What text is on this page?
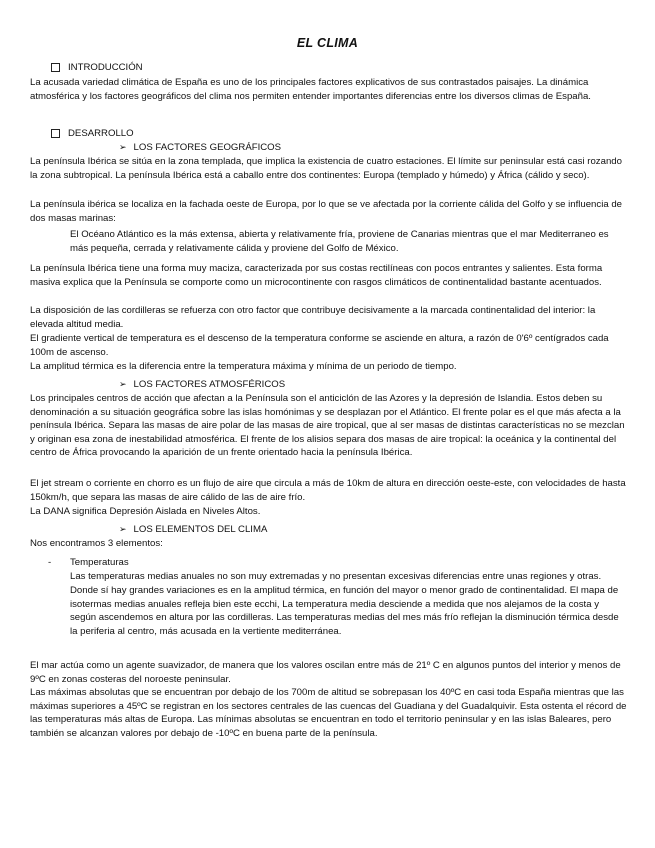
EL CLIMA
INTRODUCCIÓN

La acusada variedad climática de España es uno de los principales factores explicativos de sus contrastados paisajes. La dinámica atmosférica y los factores geográficos del clima nos permiten entender importantes diferencias entre los diversos climas de España.

DESARROLLO
➢ LOS FACTORES GEOGRÁFICOS

La península Ibérica se sitúa en la zona templada, que implica la existencia de cuatro estaciones. El límite sur peninsular está casi rozando la zona subtropical. La península Ibérica está a caballo entre dos continentes: Europa (templado y húmedo) y África (cálido y seco).

La península ibérica se localiza en la fachada oeste de Europa, por lo que se ve afectada por la corriente cálida del Golfo y se influencia de dos masas marinas:

El Océano Atlántico es la más extensa, abierta y relativamente fría, proviene de Canarias mientras que el mar Mediterraneo es más pequeña, cerrada y relativamente cálida y proviene del Golfo de México.

La península Ibérica tiene una forma muy maciza, caracterizada por sus costas rectilíneas con pocos entrantes y salientes. Esta forma masiva explica que la Península se comporte como un microcontinente con rasgos climáticos de continentalidad bastante acentuados.

La disposición de las cordilleras se refuerza con otro factor que contribuye decisivamente a la marcada continentalidad del interior: la elevada altitud media.

El gradiente vertical de temperatura es el descenso de la temperatura conforme se asciende en altura, a razón de 0'6º centígrados cada 100m de ascenso.

La amplitud térmica es la diferencia entre la temperatura máxima y mínima de un periodo de tiempo.

➢ LOS FACTORES ATMOSFÉRICOS

Los principales centros de acción que afectan a la Península son el anticiclón de las Azores y la depresión de Islandia. Estos deben su denominación a su situación geográfica sobre las islas homónimas y se desplazan por el Atlántico. El frente polar es el que más afecta a la península Ibérica. Separa las masas de aire polar de las masas de aire tropical, que al ser masas de distintas características no se mezclan y originan esa zona de inestabilidad atmosférica. El frente de los alisios separa dos masas de aire tropical: la oceánica y la continental del centro de África provocando la aparición de un frente orientado hacia la península Ibérica.

El jet stream o corriente en chorro es un flujo de aire que circula a más de 10km de altura en dirección oeste-este, con velocidades de hasta 150km/h, que separa las masas de aire cálido de las de aire frío.

La DANA significa Depresión Aislada en Niveles Altos.

➢ LOS ELEMENTOS DEL CLIMA

Nos encontramos 3 elementos:

- Temperaturas

Las temperaturas medias anuales no son muy extremadas y no presentan excesivas diferencias entre unas regiones y otras. Donde sí hay grandes variaciones es en la amplitud térmica, en función del mayor o menor grado de continentalidad. El mapa de isotermas medias anuales refleja bien este ecchi, La temperatura media desciende a medida que nos alejamos de la costa y según ascendemos en altura por las cordilleras. Las temperaturas medias del mes más frío reflejan la disminución térmica desde la periferia al centro, más acusada en la vertiente mediterránea.

El mar actúa como un agente suavizador, de manera que los valores oscilan entre más de 21º C en algunos puntos del interior y menos de 9ºC en zonas costeras del noroeste peninsular.

Las máximas absolutas que se encuentran por debajo de los 700m de altitud se sobrepasan los 40ºC en casi toda España mientras que las máximas superiores a 45ºC se registran en los sectores centrales de las cuencas del Guadiana y del Guadalquivir. Esta ostenta el récord de las temperaturas más altas de Europa. Las mínimas absolutas se encuentran en todo el territorio peninsular y en las islas Baleares, pero también se alcanzan valores por debajo de -10ºC en buena parte de la península.
